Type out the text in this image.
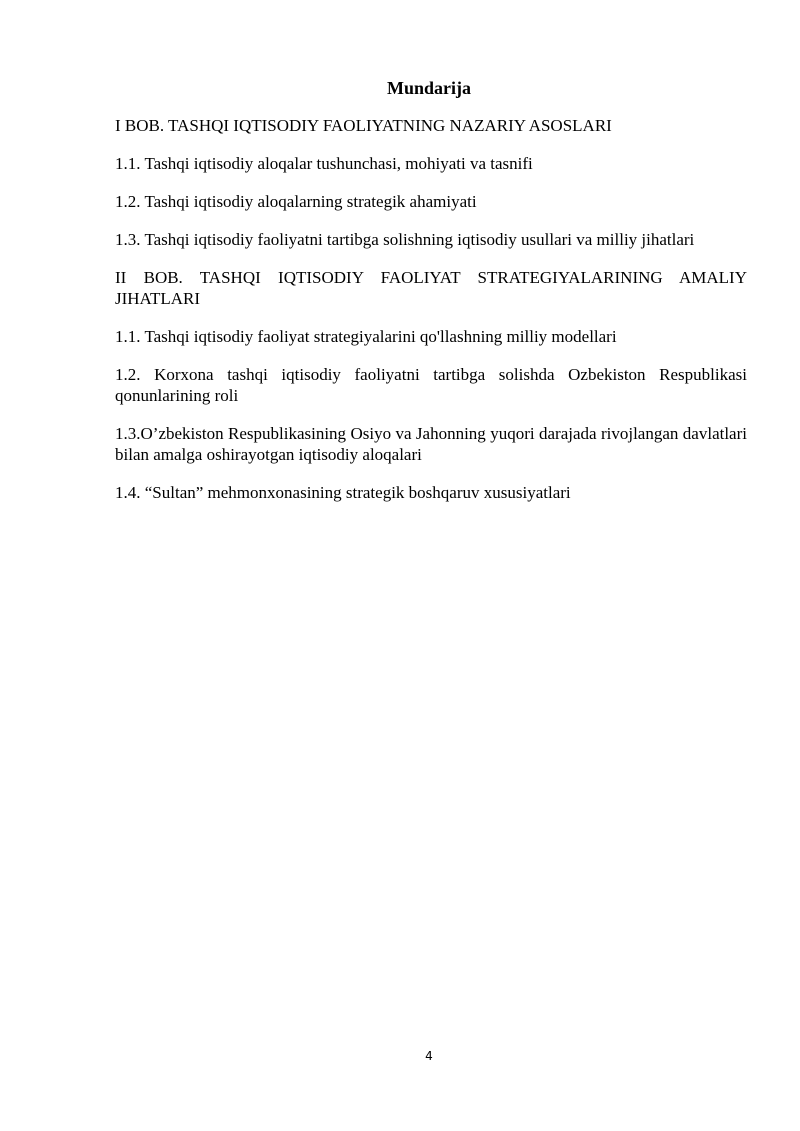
Mundarija
I BOB. TASHQI IQTISODIY FAOLIYATNING NAZARIY ASOSLARI
1.1. Tashqi iqtisodiy aloqalar tushunchasi, mohiyati va tasnifi
1.2. Tashqi iqtisodiy aloqalarning strategik ahamiyati
1.3. Tashqi iqtisodiy faoliyatni tartibga solishning iqtisodiy usullari va milliy jihatlari
II BOB. TASHQI IQTISODIY FAOLIYAT STRATEGIYALARINING AMALIY JIHATLARI
1.1. Tashqi iqtisodiy faoliyat strategiyalarini qo'llashning milliy modellari
1.2. Korxona tashqi iqtisodiy faoliyatni tartibga solishda Ozbekiston Respublikasi qonunlarining roli
1.3.O’zbekiston Respublikasining Osiyo va Jahonning yuqori darajada rivojlangan davlatlari bilan amalga oshirayotgan iqtisodiy aloqalari
1.4. “Sultan” mehmonxonasining strategik boshqaruv xususiyatlari
4
